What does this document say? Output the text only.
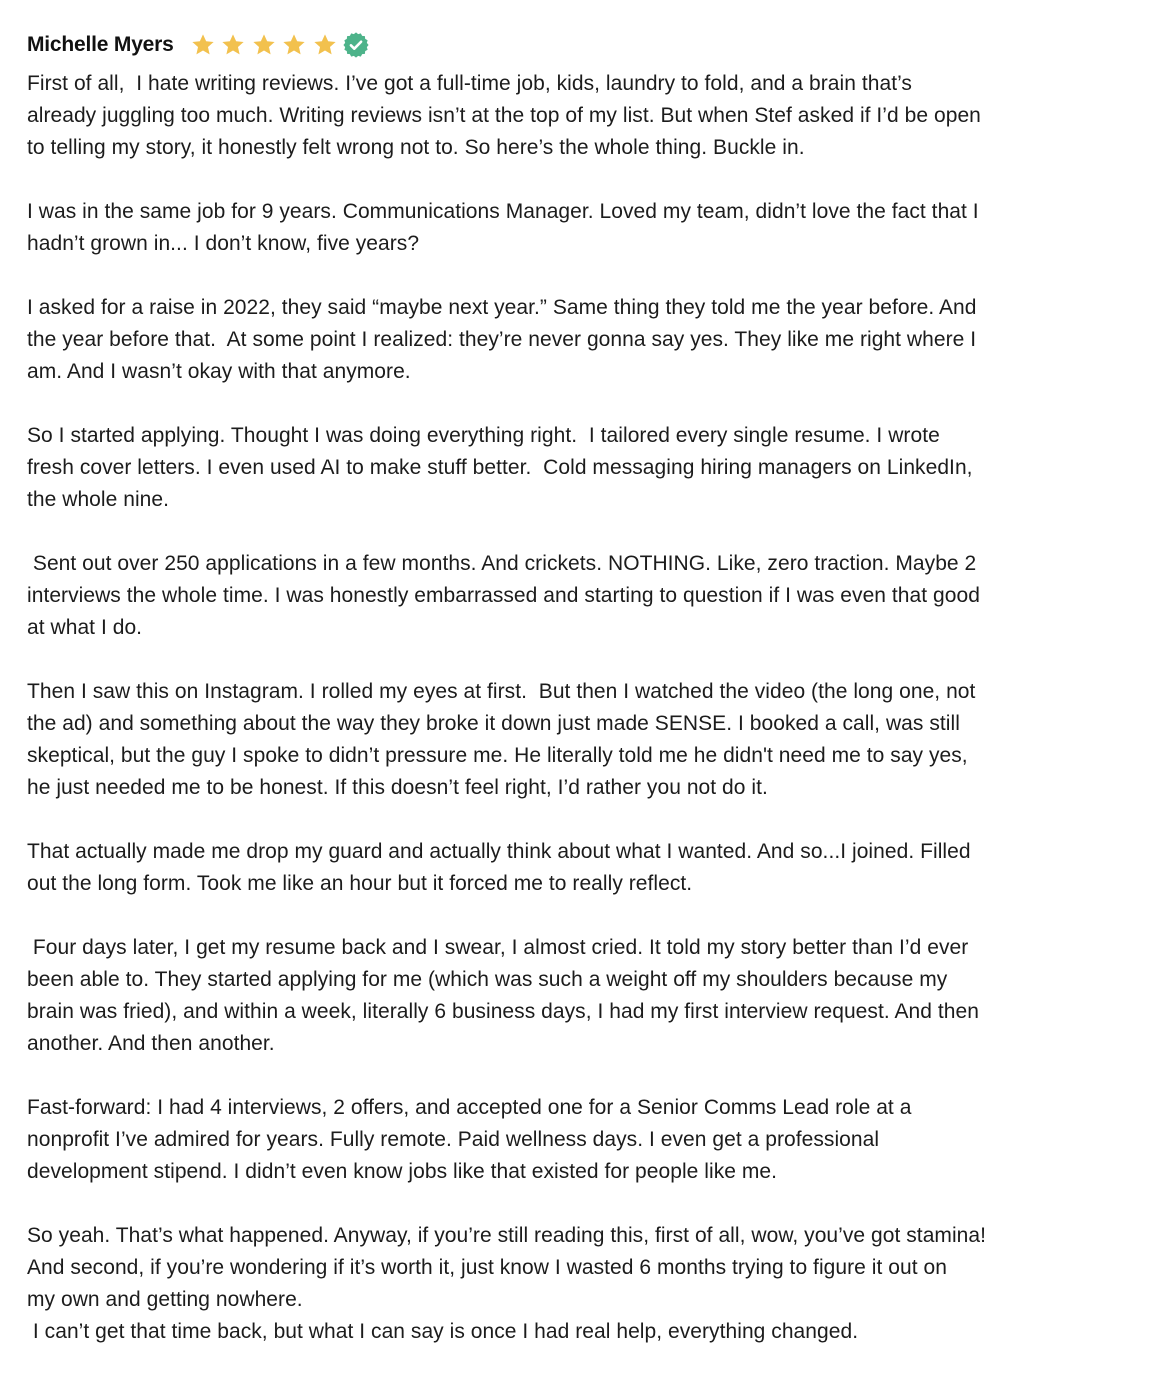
Michelle Myers

First of all,  I hate writing reviews. I’ve got a full-time job, kids, laundry to fold, and a brain that’s
already juggling too much. Writing reviews isn’t at the top of my list. But when Stef asked if I’d be open
to telling my story, it honestly felt wrong not to. So here’s the whole thing. Buckle in.

I was in the same job for 9 years. Communications Manager. Loved my team, didn’t love the fact that I
hadn’t grown in... I don’t know, five years?

I asked for a raise in 2022, they said “maybe next year.” Same thing they told me the year before. And
the year before that.  At some point I realized: they’re never gonna say yes. They like me right where I
am. And I wasn’t okay with that anymore.

So I started applying. Thought I was doing everything right.  I tailored every single resume. I wrote
fresh cover letters. I even used AI to make stuff better.  Cold messaging hiring managers on LinkedIn,
the whole nine.

Sent out over 250 applications in a few months. And crickets. NOTHING. Like, zero traction. Maybe 2
interviews the whole time. I was honestly embarrassed and starting to question if I was even that good
at what I do.

Then I saw this on Instagram. I rolled my eyes at first.  But then I watched the video (the long one, not
the ad) and something about the way they broke it down just made SENSE. I booked a call, was still
skeptical, but the guy I spoke to didn’t pressure me. He literally told me he didn't need me to say yes,
he just needed me to be honest. If this doesn’t feel right, I’d rather you not do it.

That actually made me drop my guard and actually think about what I wanted. And so...I joined. Filled
out the long form. Took me like an hour but it forced me to really reflect.

Four days later, I get my resume back and I swear, I almost cried. It told my story better than I’d ever
been able to. They started applying for me (which was such a weight off my shoulders because my
brain was fried), and within a week, literally 6 business days, I had my first interview request. And then
another. And then another.

Fast-forward: I had 4 interviews, 2 offers, and accepted one for a Senior Comms Lead role at a
nonprofit I’ve admired for years. Fully remote. Paid wellness days. I even get a professional
development stipend. I didn’t even know jobs like that existed for people like me.

So yeah. That’s what happened. Anyway, if you’re still reading this, first of all, wow, you’ve got stamina!
And second, if you’re wondering if it’s worth it, just know I wasted 6 months trying to figure it out on
my own and getting nowhere.
I can’t get that time back, but what I can say is once I had real help, everything changed.
